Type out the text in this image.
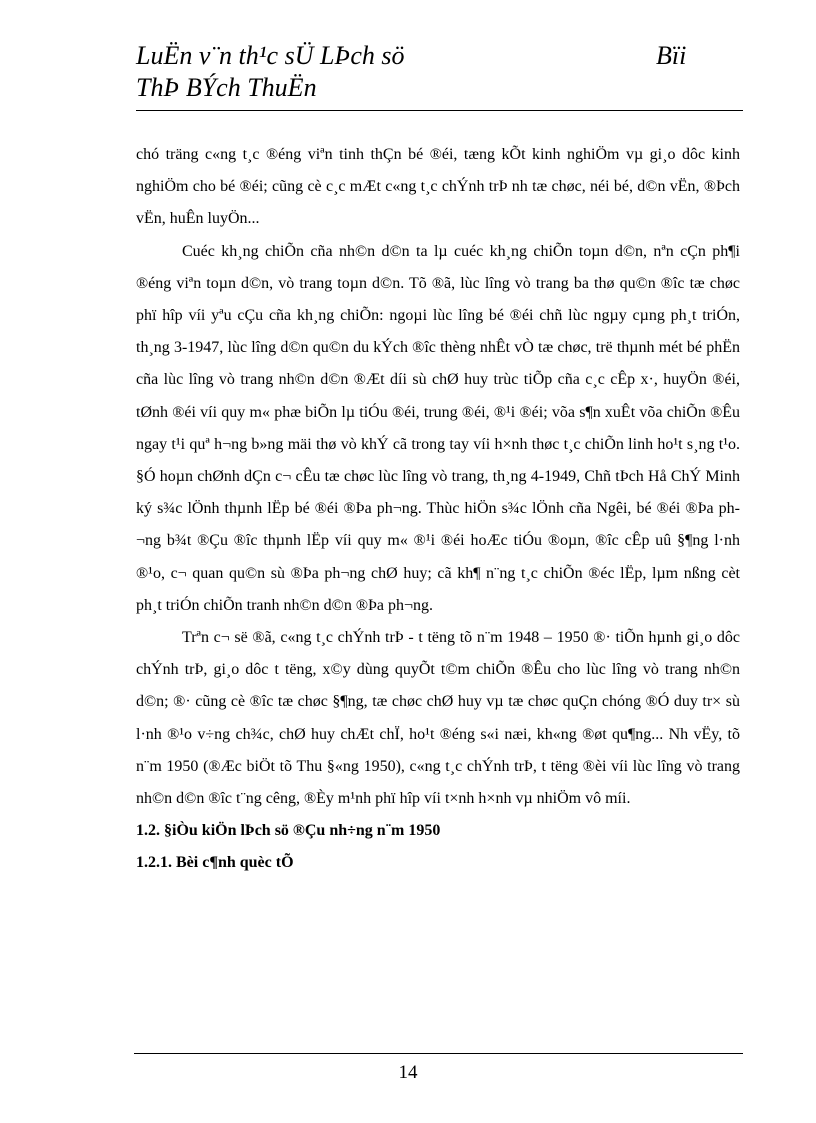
LuËn v¨n th¹c sÜ LÞch sö	Bïi

ThÞ BÝch ThuËn

chó träng c«ng t¸c ®éng viªn tinh thÇn bé ®éi, tæng kÕt kinh nghiÖm vµ gi¸o dôc kinh nghiÖm cho bé ®éi; cũng cè c¸c mÆt c«ng t¸c chÝnh trÞ nh tæ chøc, néi bé, d©n vËn, ®Þch vËn, huÊn luyÖn...

Cuéc kh¸ng chiÕn cña nh©n d©n ta lµ cuéc kh¸ng chiÕn toµn d©n, nªn cÇn ph¶i ®éng viªn toµn d©n, vò trang toµn d©n. Tõ ®ã, lùc lîng vò trang ba thø qu©n ®îc tæ chøc phï hîp víi yªu cÇu cña kh¸ng chiÕn: ngoµi lùc lîng bé ®éi chñ lùc ngµy cµng ph¸t triÓn, th¸ng 3-1947, lùc lîng d©n qu©n du kÝch ®îc thèng nhÊt vÒ tæ chøc, trë thµnh mét bé phËn cña lùc lîng vò trang nh©n d©n ®Æt díi sù chØ huy trùc tiÕp cña c¸c cÊp x·, huyÖn ®éi, tØnh ®éi víi quy m« phæ biÕn lµ tiÓu ®éi, trung ®éi, ®¹i ®éi; võa s¶n xuÊt võa chiÕn ®Êu ngay t¹i quª h¬ng b»ng mäi thø vò khÝ cã trong tay víi h×nh thøc t¸c chiÕn linh ho¹t s¸ng t¹o. §Ó hoµn chØnh dÇn c¬ cÊu tæ chøc lùc lîng vò trang, th¸ng 4-1949, Chñ tÞch Hå ChÝ Minh ký s¾c lÖnh thµnh lËp bé ®éi ®Þa ph¬ng. Thùc hiÖn s¾c lÖnh cña Ngêi, bé ®éi ®Þa ph¬ng b¾t ®Çu ®îc thµnh lËp víi quy m« ®¹i ®éi hoÆc tiÓu ®oµn, ®îc cÊp uû §¶ng l·nh ®¹o, c¬ quan qu©n sù ®Þa ph¬ng chØ huy; cã kh¶ n¨ng t¸c chiÕn ®éc lËp, lµm nßng cèt ph¸t triÓn chiÕn tranh nh©n d©n ®Þa ph¬ng.

Trªn c¬ së ®ã, c«ng t¸c chÝnh trÞ - t tëng tõ n¨m 1948 – 1950 ®· tiÕn hµnh gi¸o dôc chÝnh trÞ, gi¸o dôc t tëng, x©y dùng quyÕt t©m chiÕn ®Êu cho lùc lîng vò trang nh©n d©n; ®· cũng cè ®îc tæ chøc §¶ng, tæ chøc chØ huy vµ tæ chøc quÇn chóng ®Ó duy tr× sù l·nh ®¹o v÷ng ch¾c, chØ huy chÆt chÏ, ho¹t ®éng s«i næi, kh«ng ®øt qu¶ng... Nh vËy, tõ n¨m 1950 (®Æc biÖt tõ Thu §«ng 1950), c«ng t¸c chÝnh trÞ, t tëng ®èi víi lùc lîng vò trang nh©n d©n ®îc t¨ng cêng, ®Èy m¹nh phï hîp víi t×nh h×nh vµ nhiÖm vô míi.

1.2. §iÒu kiÖn lÞch sö ®Çu nh÷ng n¨m 1950

1.2.1. Bèi c¶nh quèc tÕ

14
